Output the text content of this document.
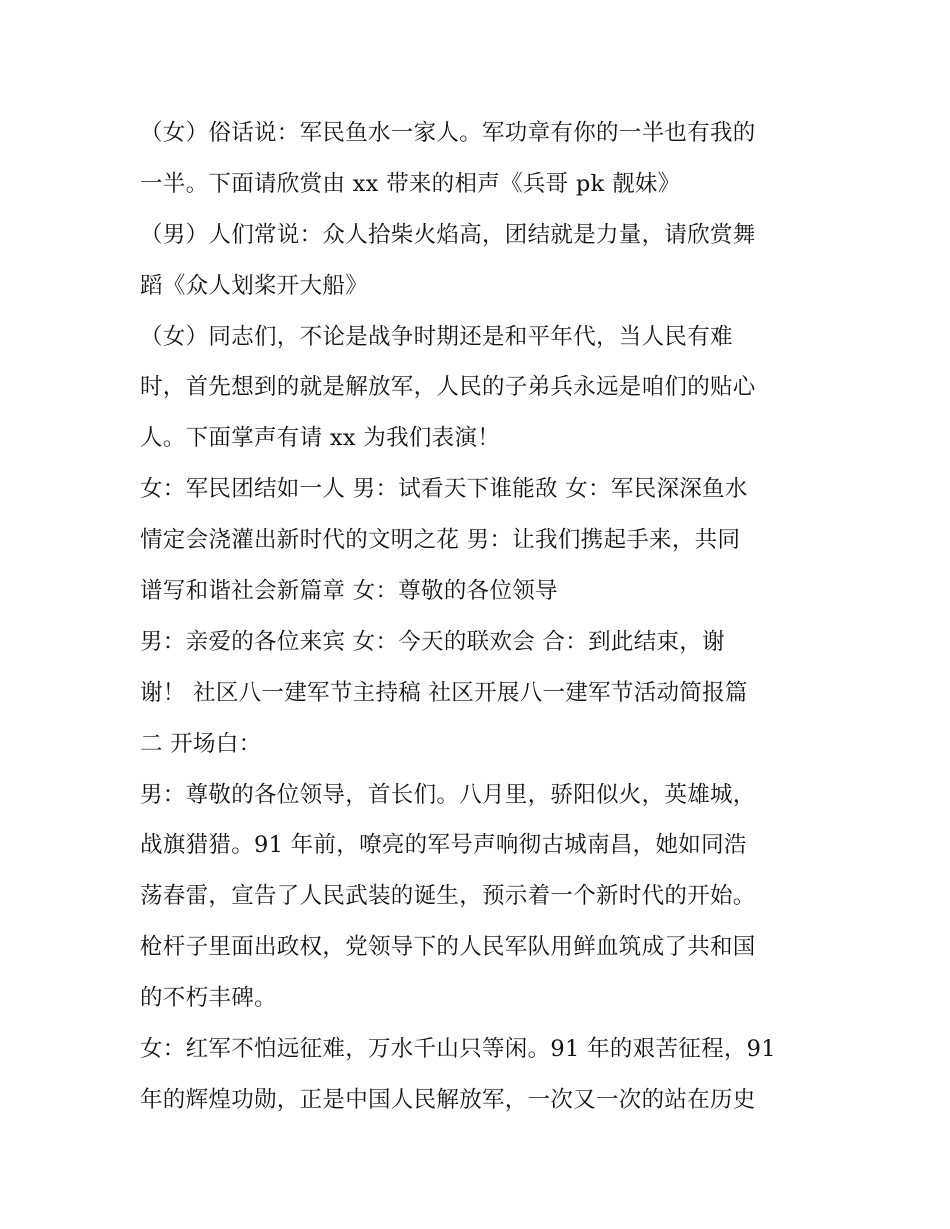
（女）俗话说：军民鱼水一家人。军功章有你的一半也有我的
一半。下面请欣赏由 xx 带来的相声《兵哥 pk 靓妹》
（男）人们常说：众人拾柴火焰高，团结就是力量，请欣赏舞
蹈《众人划桨开大船》
（女）同志们，不论是战争时期还是和平年代，当人民有难
时，首先想到的就是解放军，人民的子弟兵永远是咱们的贴心
人。下面掌声有请 xx 为我们表演！
女：军民团结如一人 男：试看天下谁能敌 女：军民深深鱼水
情定会浇灌出新时代的文明之花 男：让我们携起手来，共同
谱写和谐社会新篇章 女：尊敬的各位领导
男：亲爱的各位来宾 女：今天的联欢会 合：到此结束，谢
谢！ 社区八一建军节主持稿 社区开展八一建军节活动简报篇
二 开场白：
男：尊敬的各位领导，首长们。八月里，骄阳似火，英雄城，
战旗猎猎。91 年前，嘹亮的军号声响彻古城南昌，她如同浩
荡春雷，宣告了人民武装的诞生，预示着一个新时代的开始。
枪杆子里面出政权，党领导下的人民军队用鲜血筑成了共和国
的不朽丰碑。
女：红军不怕远征难，万水千山只等闲。91 年的艰苦征程，91
年的辉煌功勋，正是中国人民解放军，一次又一次的站在历史
